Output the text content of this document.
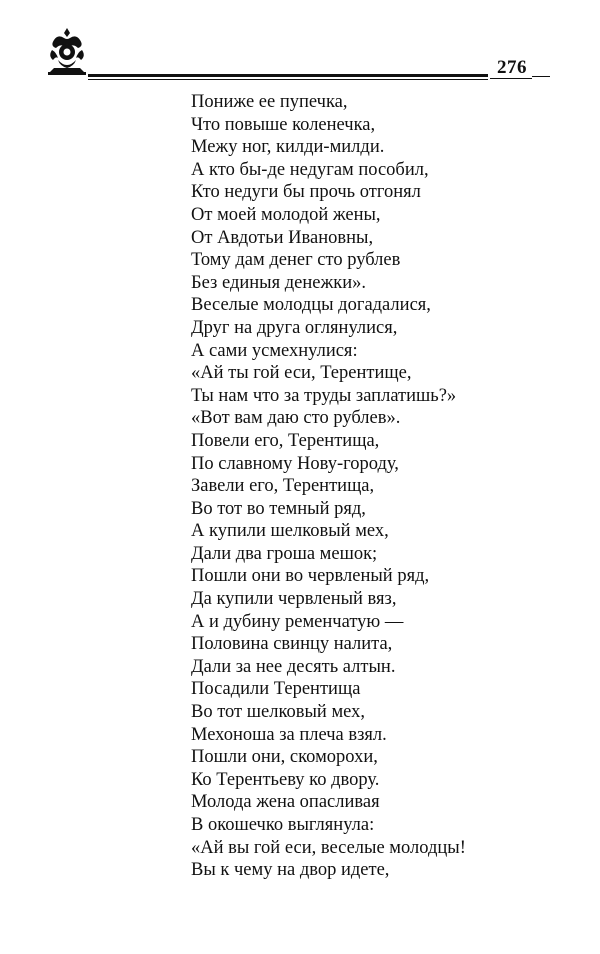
276
Пониже ее пупечка,
Что повыше коленечка,
Межу ног, килди-милди.
А кто бы-де недугам пособил,
Кто недуги бы прочь отгонял
От моей молодой жены,
От Авдотьи Ивановны,
Тому дам денег сто рублев
Без единыя денежки».
Веселые молодцы догадалися,
Друг на друга оглянулися,
А сами усмехнулися:
«Ай ты гой еси, Терентище,
Ты нам что за труды заплатишь?»
«Вот вам даю сто рублев».
Повели его, Терентища,
По славному Нову-городу,
Завели его, Терентища,
Во тот во темный ряд,
А купили шелковый мех,
Дали два гроша мешок;
Пошли они во червленый ряд,
Да купили червленый вяз,
А и дубину ременчатую —
Половина свинцу налита,
Дали за нее десять алтын.
Посадили Терентища
Во тот шелковый мех,
Мехоноша за плеча взял.
Пошли они, скоморохи,
Ко Терентьеву ко двору.
Молода жена опасливая
В окошечко выглянула:
«Ай вы гой еси, веселые молодцы!
Вы к чему на двор идете,
